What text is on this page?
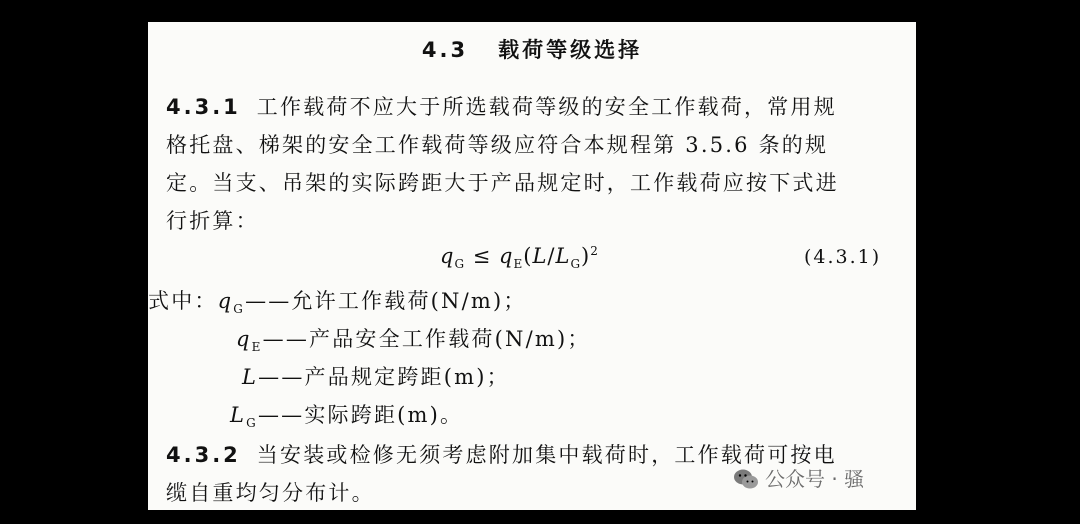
4.3 载荷等级选择
4.3.1 工作载荷不应大于所选载荷等级的安全工作载荷，常用规
格托盘、梯架的安全工作载荷等级应符合本规程第 3.5.6 条的规
定。当支、吊架的实际跨距大于产品规定时，工作载荷应按下式进
行折算：
$q_G \le q_E(L/L_G)^2$	(4.3.1)
式中：$q_G——$允许工作载荷(N/m)；
$q_E——$产品安全工作载荷(N/m)；
L——产品规定跨距(m)；
$L_G——$实际跨距(m)。
4.3.2 当安装或检修无须考虑附加集中载荷时，工作载荷可按电
缆自重均匀分布计。
公众号 · 骚
